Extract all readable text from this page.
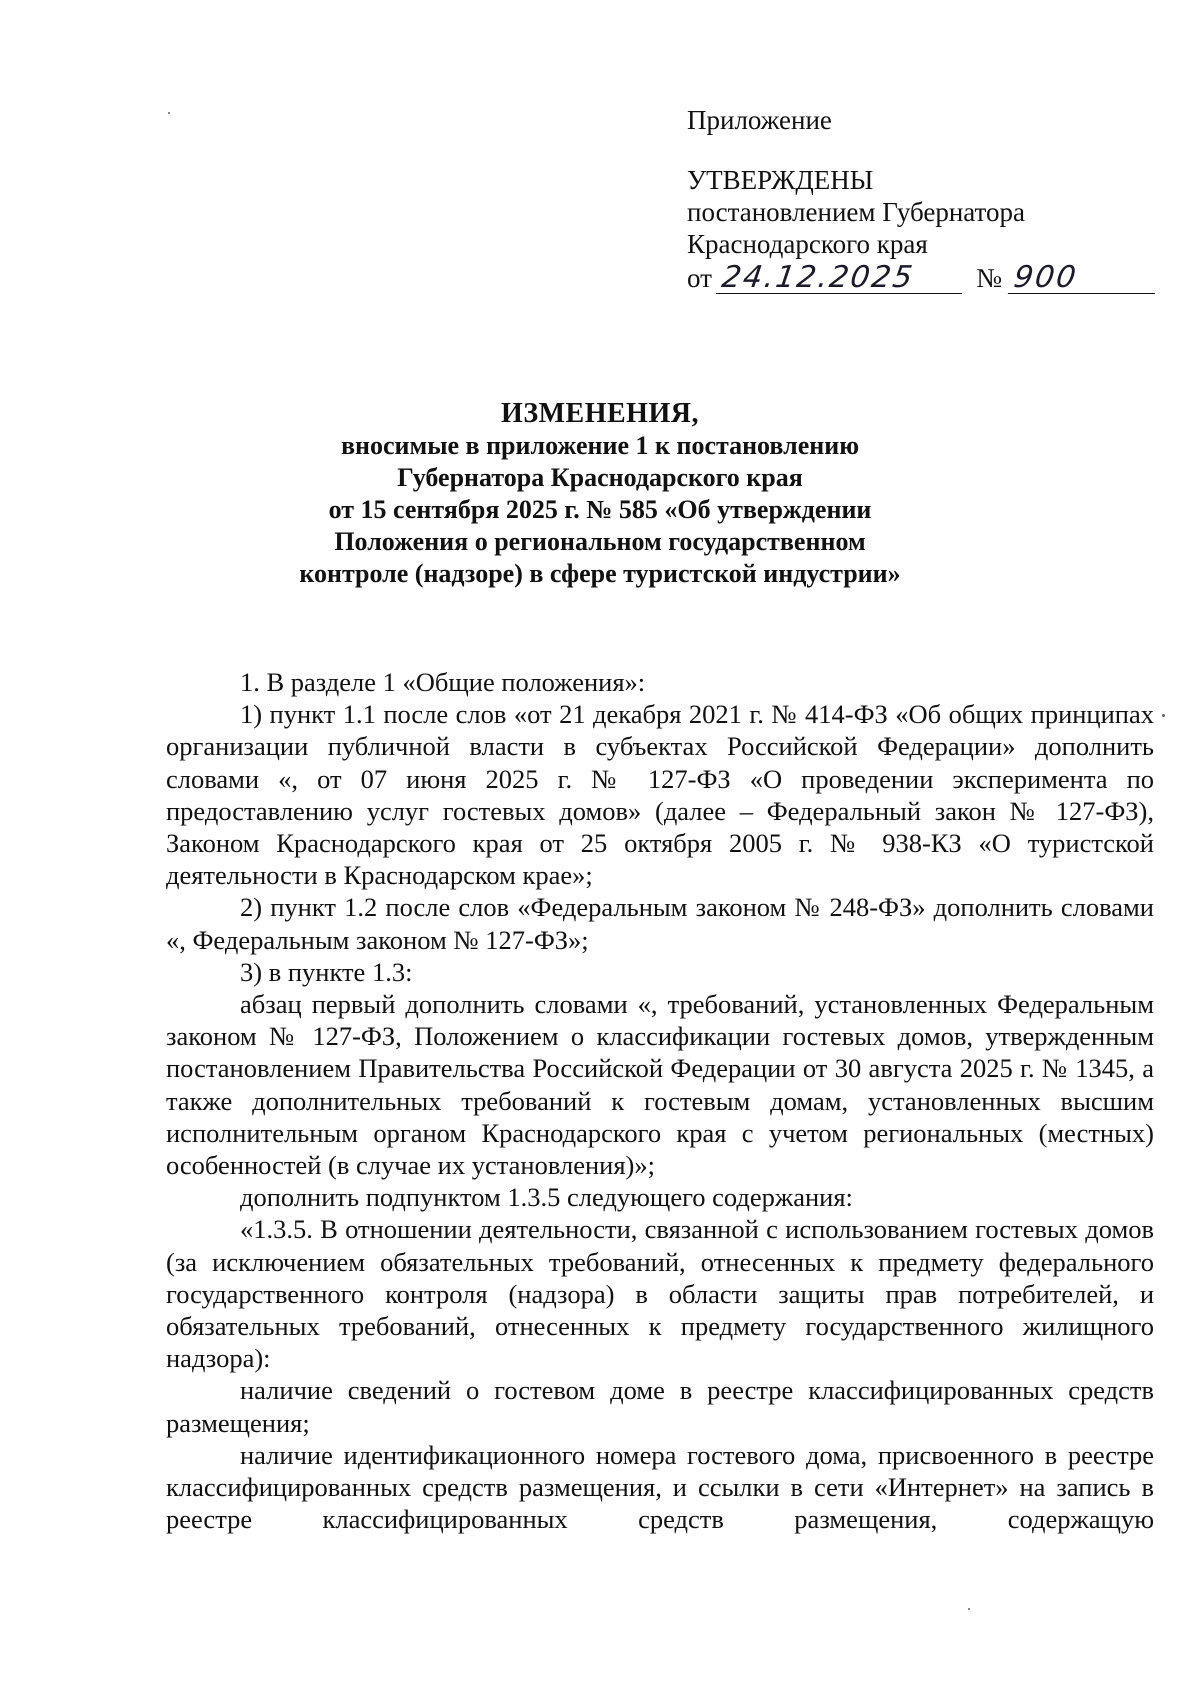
Приложение
УТВЕРЖДЕНЫ
постановлением Губернатора
Краснодарского края
от 24.12.2025	№ 900
ИЗМЕНЕНИЯ,
вносимые в приложение 1 к постановлению
Губернатора Краснодарского края
от 15 сентября 2025 г. № 585 «Об утверждении
Положения о региональном государственном
контроле (надзоре) в сфере туристской индустрии»

1. В разделе 1 «Общие положения»:

1) пункт 1.1 после слов «от 21 декабря 2021 г. № 414-ФЗ «Об общих принципах организации публичной власти в субъектах Российской Федерации» дополнить словами «, от 07 июня 2025 г. № 127-ФЗ «О проведении эксперимента по предоставлению услуг гостевых домов» (далее – Федеральный закон № 127-ФЗ), Законом Краснодарского края от 25 октября 2005 г. № 938-КЗ «О туристской деятельности в Краснодарском крае»;

2) пункт 1.2 после слов «Федеральным законом № 248-ФЗ» дополнить словами «, Федеральным законом № 127-ФЗ»;

3) в пункте 1.3:

абзац первый дополнить словами «, требований, установленных Федеральным законом № 127-ФЗ, Положением о классификации гостевых домов, утвержденным постановлением Правительства Российской Федерации от 30 августа 2025 г. № 1345, а также дополнительных требований к гостевым домам, установленных высшим исполнительным органом Краснодарского края с учетом региональных (местных) особенностей (в случае их установления)»;

дополнить подпунктом 1.3.5 следующего содержания:

«1.3.5. В отношении деятельности, связанной с использованием гостевых домов (за исключением обязательных требований, отнесенных к предмету федерального государственного контроля (надзора) в области защиты прав потребителей, и обязательных требований, отнесенных к предмету государственного жилищного надзора):

наличие сведений о гостевом доме в реестре классифицированных средств размещения;

наличие идентификационного номера гостевого дома, присвоенного в реестре классифицированных средств размещения, и ссылки в сети «Интернет» на запись в реестре классифицированных средств размещения, содержащую
